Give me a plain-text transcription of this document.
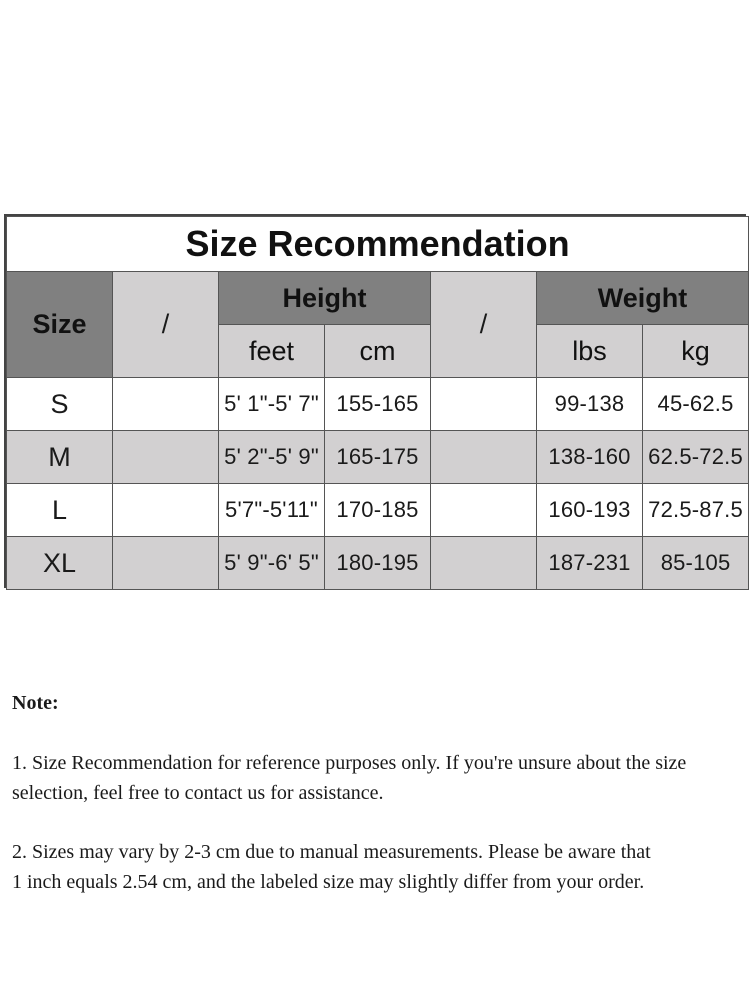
Size Recommendation						
Size	/	Height		/	Weight	
		feet	cm		lbs	kg
S		5' 1"-5' 7"	155-165		99-138	45-62.5
M		5' 2"-5' 9"	165-175		138-160	62.5-72.5
L		5'7"-5'11"	170-185		160-193	72.5-87.5
XL		5' 9"-6' 5"	180-195		187-231	85-105

Note:

1. Size Recommendation for reference purposes only. If you're unsure about the size

selection, feel free to contact us for assistance.

2. Sizes may vary by 2-3 cm due to manual measurements. Please be aware that

1 inch equals 2.54 cm, and the labeled size may slightly differ from your order.
